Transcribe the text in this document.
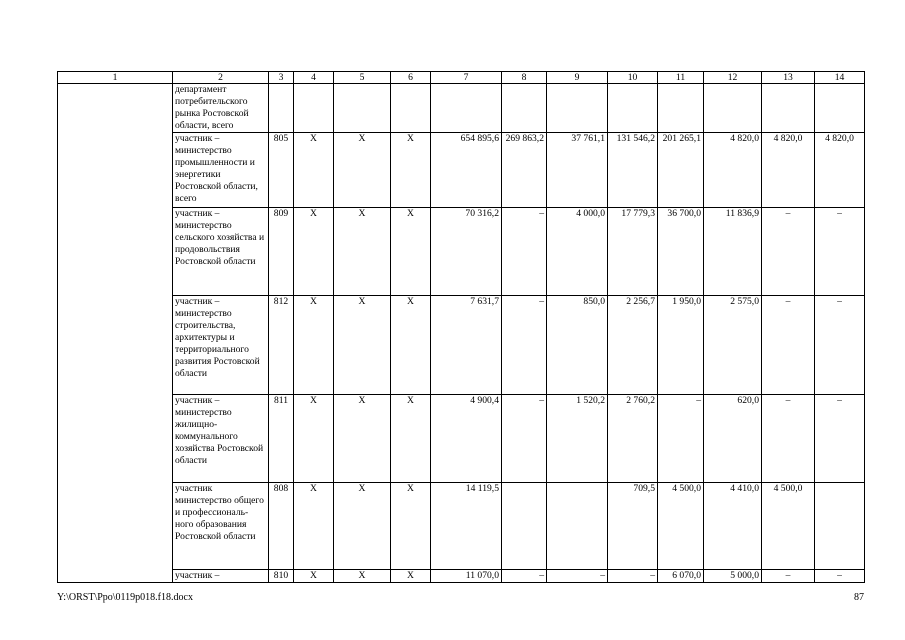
1	2	3	4	5	6	7	8	9	10	11	12	13	14
	департамент потребительского рынка Ростовской области, всего												
	участник – министерство промышленности и энергетики Ростовской области, всего	805	Х	Х	Х	654 895,6	269 863,2	37 761,1	131 546,2	201 265,1	4 820,0	4 820,0	4 820,0
	участник – министерство сельского хозяйства и продовольствия Ростовской области	809	Х	Х	Х	70 316,2	–	4 000,0	17 779,3	36 700,0	11 836,9	–	–
	участник – министерство строительства, архитектуры и территориального развития Ростовской области	812	Х	Х	Х	7 631,7	–	850,0	2 256,7	1 950,0	2 575,0	–	–
	участник – министерство жилищно-коммунального хозяйства Ростовской области	811	Х	Х	Х	4 900,4	–	1 520,2	2 760,2	–	620,0	–	–
	участник министерство общего и профессиональ-ного образования Ростовской области	808	Х	Х	Х	14 119,5			709,5	4 500,0	4 410,0	4 500,0	
	участник –	810	Х	Х	Х	11 070,0	–	–	–	6 070,0	5 000,0	–	–
Y:\ORST\Ppo\0119p018.f18.docx	87
